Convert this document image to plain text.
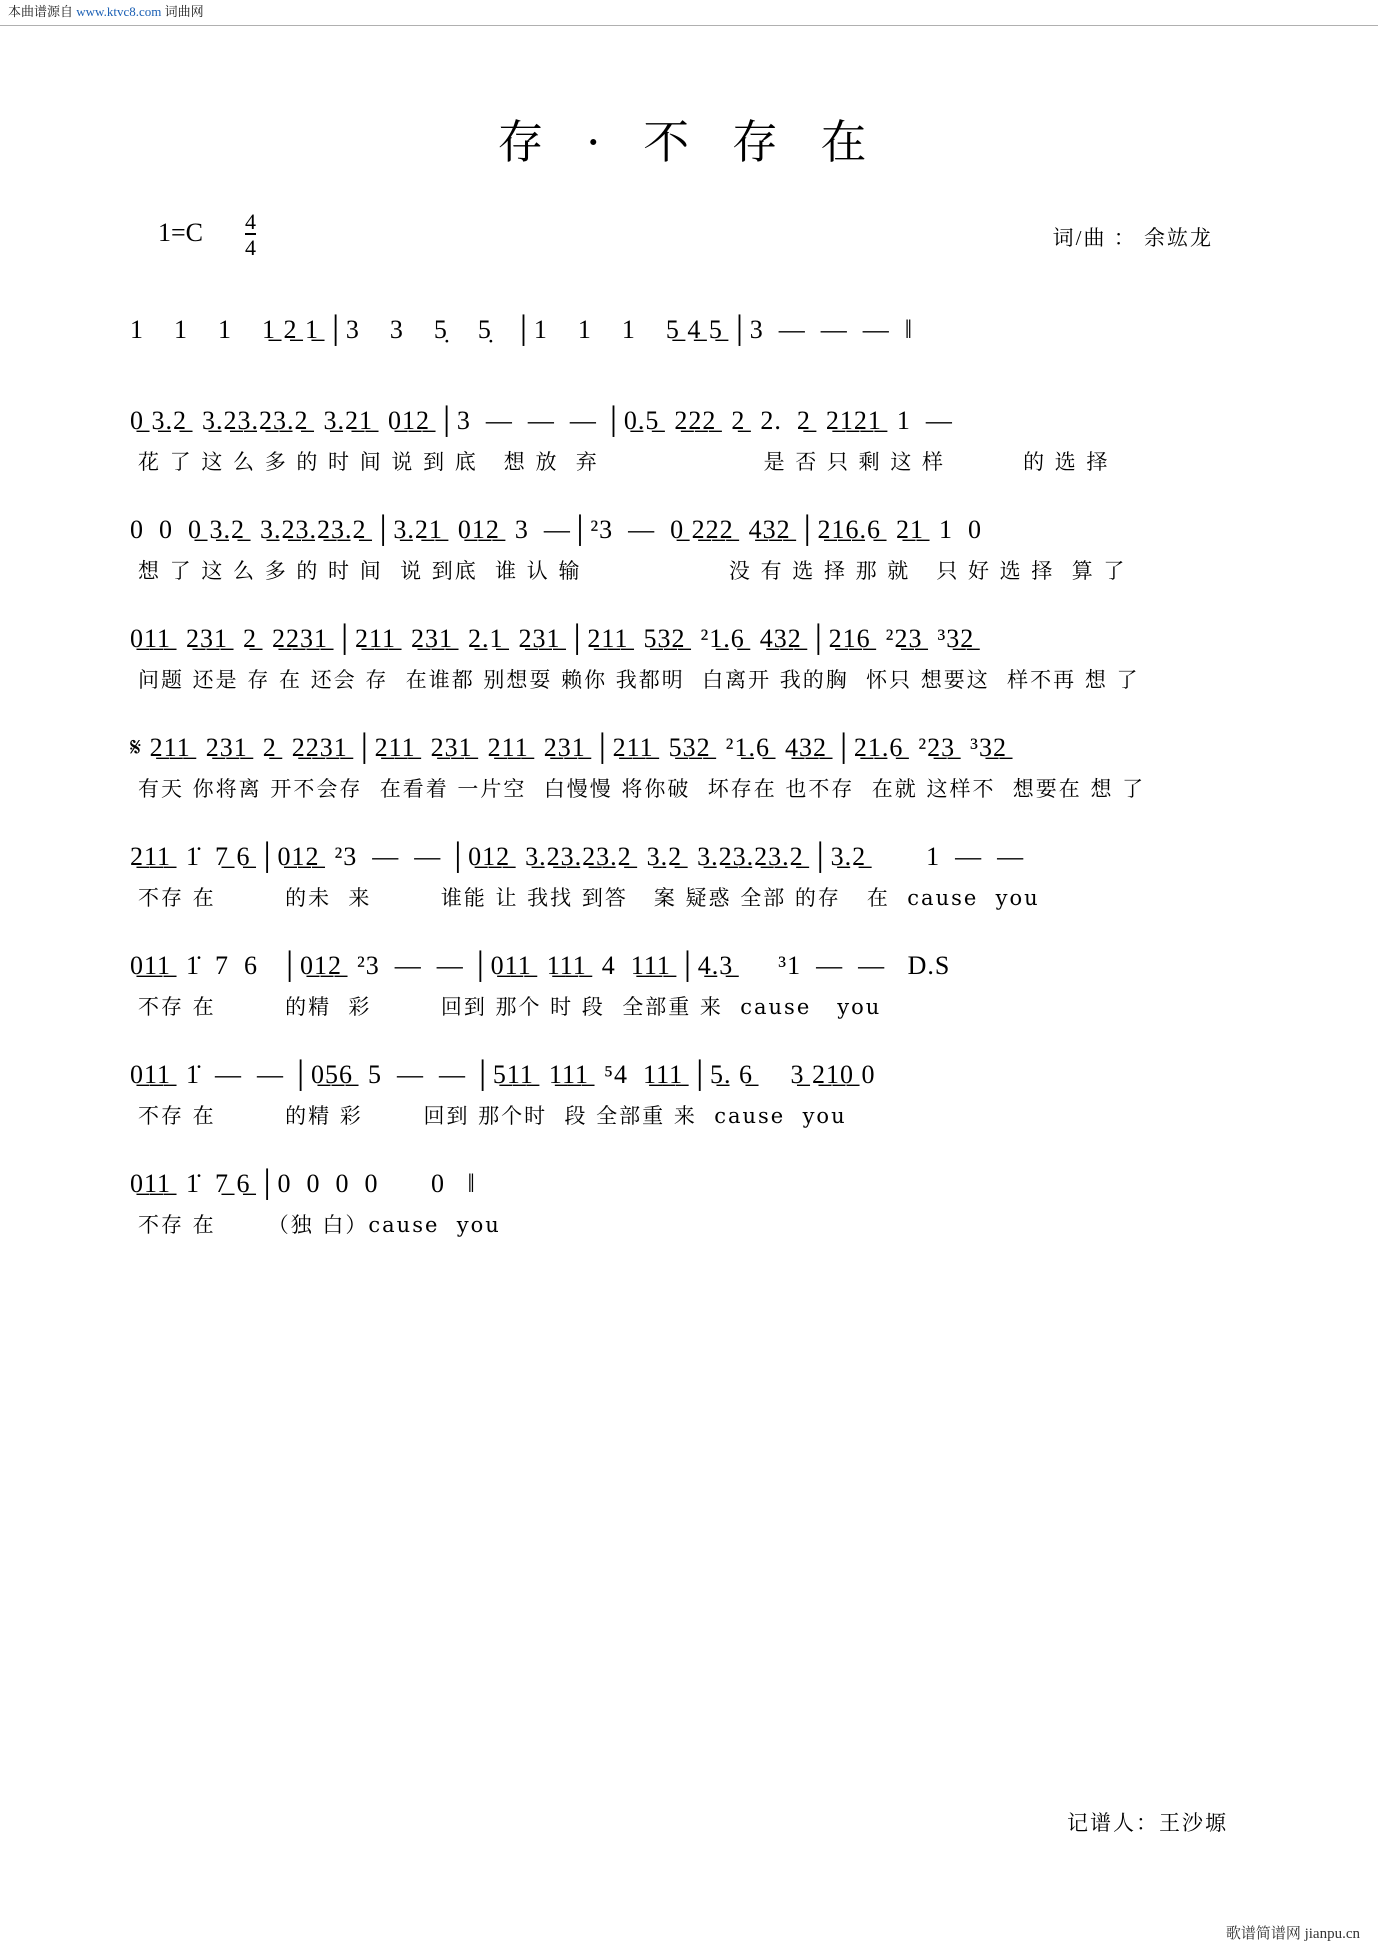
本曲谱源自 www.ktvc8.com 词曲网
存 · 不 存 在
$1=C \frac{4}{4}$	词/曲 ： 余竑龙
1    1    1    1̲ 2̲ 1̲ │3    3    5̣    5̣   │1    1    1    5̲ 4̲ 5̲ │3  —  —  —  ‖
0̲ 3̲.2̲  3̲.2̲3̲.2̲3̲.2̲  3̲.2̲1̲  0̲1̲2̲ │3  —  —  — │0̲.5̲  2̲2̲2̲  2̲  2.  2̲  2̲1̲2̲1̲  1  —
花 了 这 么 多 的 时 间 说 到 底   想 放  弃                   是 否 只 剩 这 样         的 选 择
0  0  0̲ 3̲.2̲  3̲.2̲3̲.2̲3̲.2̲ │3̲.2̲1̲  0̲1̲2̲  3  —│²3  —  0̲ 2̲2̲2̲  4̲3̲2̲ │2̲1̲6̲.6̲  2̲1̲  1  0
想 了 这 么 多 的 时 间  说 到底  谁 认 输                 没 有 选 择 那 就   只 好 选 择  算 了
0̲1̲1̲  2̲3̲1̲  2̲  2̲2̲3̲1̲ │2̲1̲1̲  2̲3̲1̲  2̲.1̲  2̲3̲1̲ │2̲1̲1̲  5̲3̲2̲  ²1̲.6̲  4̲3̲2̲ │2̲1̲6̲  ²2̲3̲  ³3̲2̲
问题 还是 存 在 还会 存  在谁都 别想耍 赖你 我都明  白离开 我的胸  怀只 想要这  样不再 想 了
𝄋 2̲1̲1̲  2̲3̲1̲  2̲  2̲2̲3̲1̲ │2̲1̲1̲  2̲3̲1̲  2̲1̲1̲  2̲3̲1̲ │2̲1̲1̲  5̲3̲2̲  ²1̲.6̲  4̲3̲2̲ │2̲1̲.6̲  ²2̲3̲  ³3̲2̲
有天 你将离 开不会存  在看着 一片空  白慢慢 将你破  坏存在 也不存  在就 这样不  想要在 想 了
2̲1̲1̲  1̇  7̲ 6̲ │0̲1̲2̲  ²3  —  — │0̲1̲2̲  3̲.2̲3̲.2̲3̲.2̲  3̲.2̲  3̲.2̲3̲.2̲3̲.2̲ │3̲.2̲        1  —  —
不存 在        的未  来        谁能 让 我找 到答   案 疑惑 全部 的存   在  cause  you
0̲1̲1̲  1̇  7  6   │0̲1̲2̲  ²3  —  — │0̲1̲1̲  1̲1̲1̲  4  1̲1̲1̲ │4̲.3̲      ³1  —  —   D.S
不存 在        的精  彩        回到 那个 时 段  全部重 来  cause   you
0̲1̲1̲  1̇  —  — │0̲5̲6̲  5  —  — │5̲1̲1̲  1̲1̲1̲  ⁵4  1̲1̲1̲ │5̲. 6̲     3̲ 2̲1̲0̲ 0
不存 在        的精 彩       回到 那个时  段 全部重 来  cause  you
0̲1̲1̲  1̇  7̲ 6̲ │0  0  0  0       0   ‖
不存 在      （独 白）cause  you
记谱人：王沙塬
歌谱简谱网 jianpu.cn
